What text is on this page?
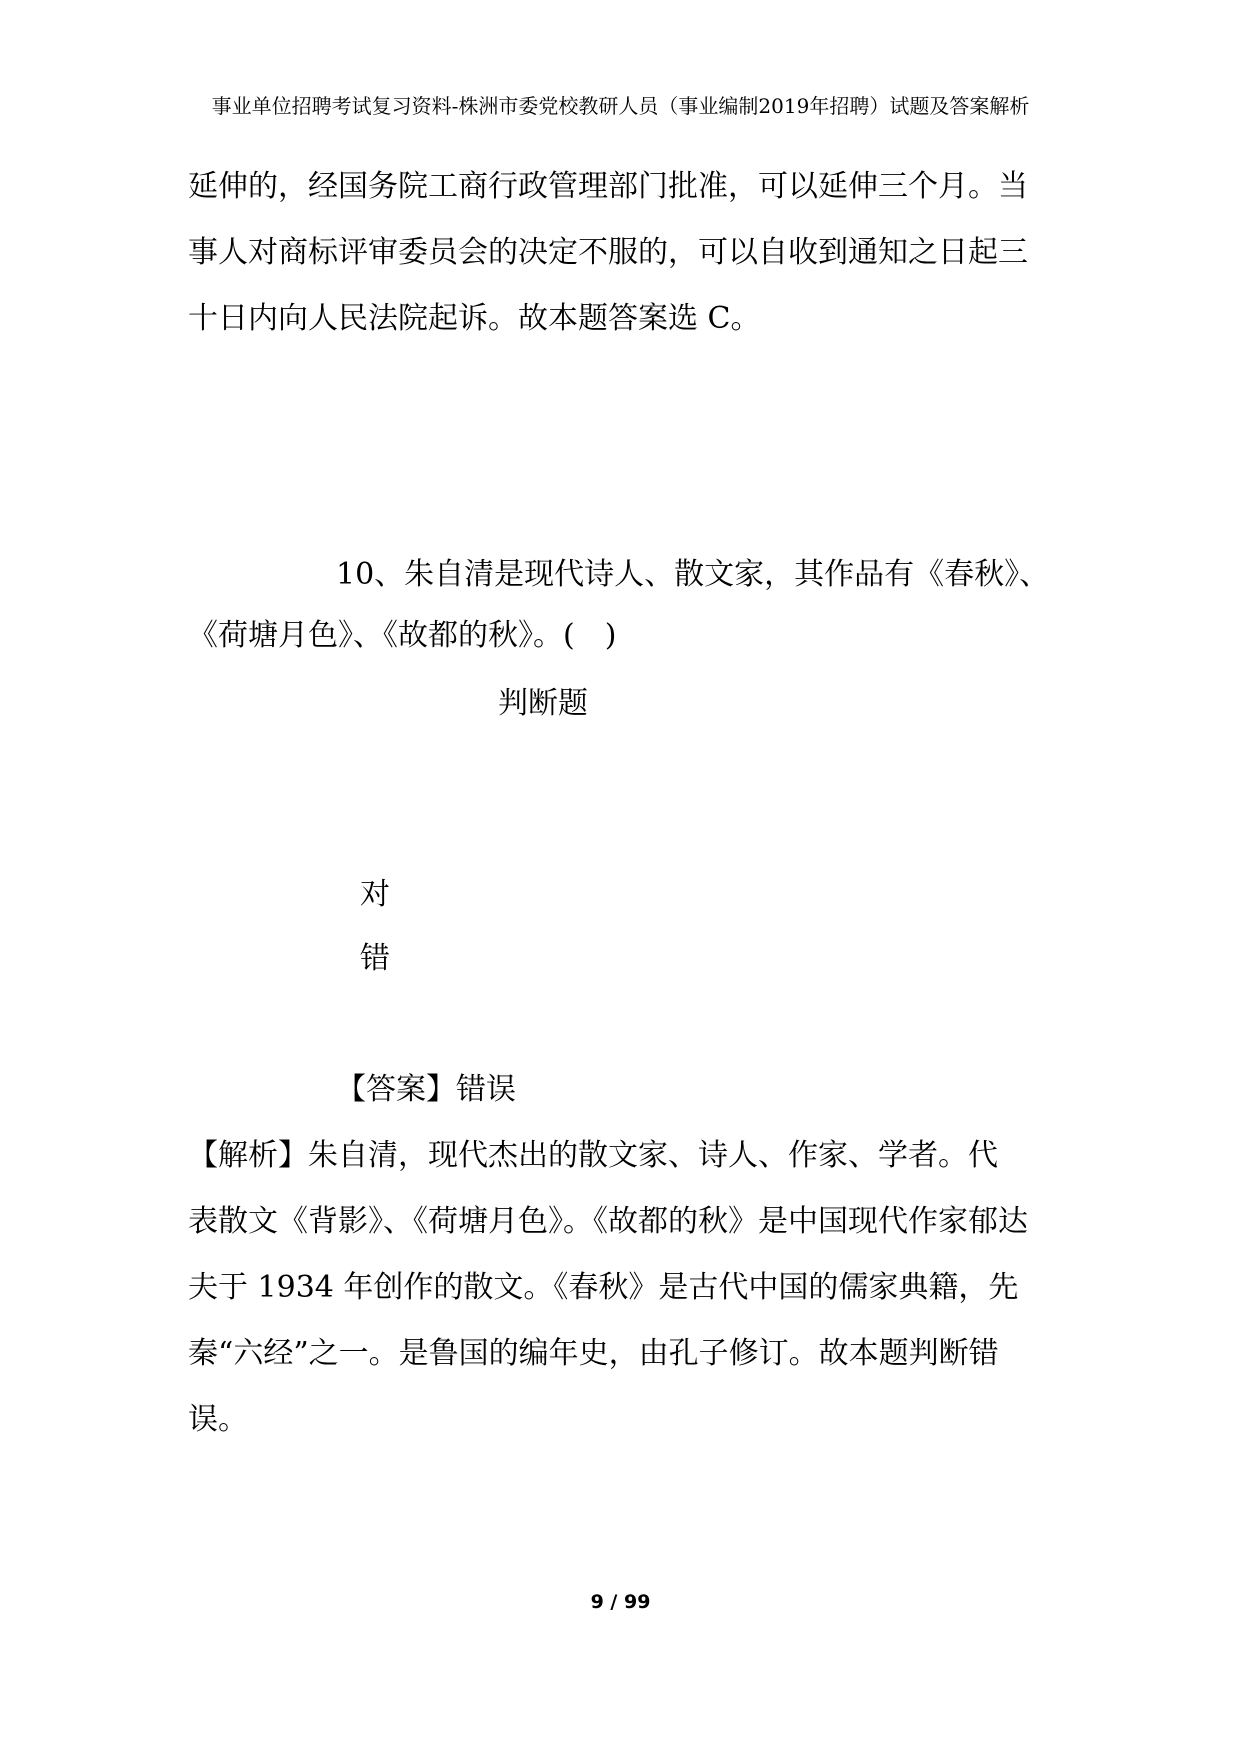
事业单位招聘考试复习资料-株洲市委党校教研人员（事业编制2019年招聘）试题及答案解析
延伸的，经国务院工商行政管理部门批准，可以延伸三个月。当
事人对商标评审委员会的决定不服的，可以自收到通知之日起三
十日内向人民法院起诉。故本题答案选 C。
10、朱自清是现代诗人、散文家，其作品有《春秋》、
《荷塘月色》、《故都的秋》。(　)
判断题
对
错
【答案】错误
【解析】朱自清，现代杰出的散文家、诗人、作家、学者。代
表散文《背影》、《荷塘月色》。《故都的秋》是中国现代作家郁达
夫于 1934 年创作的散文。《春秋》是古代中国的儒家典籍，先
秦“六经”之一。是鲁国的编年史，由孔子修订。故本题判断错
误。
9 / 99
